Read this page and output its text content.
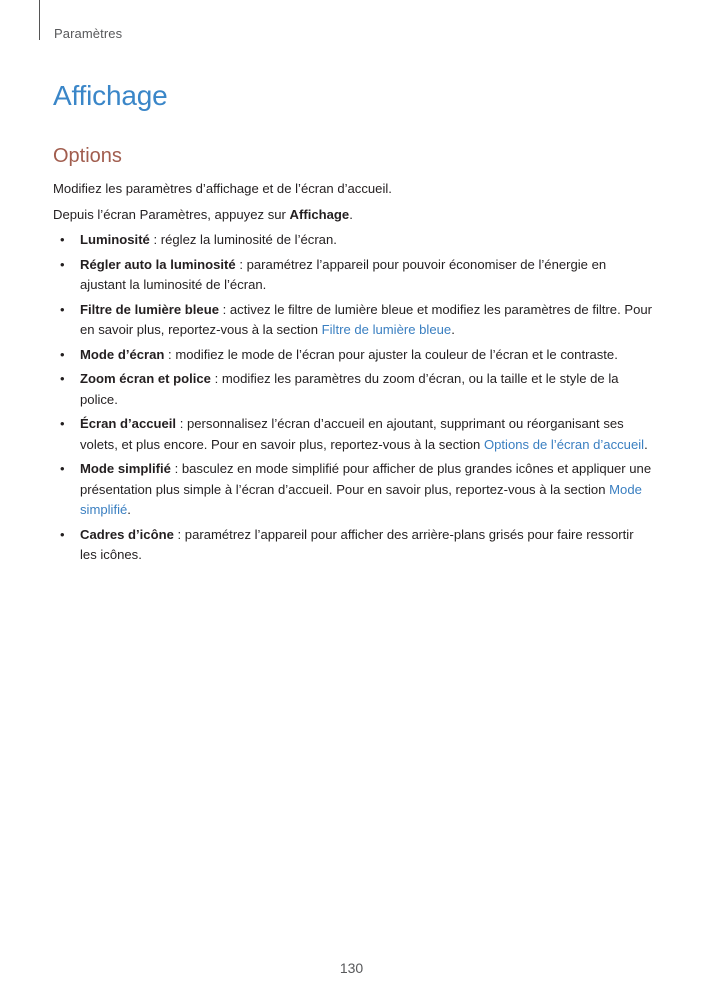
Paramètres
Affichage
Options

Modifiez les paramètres d’affichage et de l’écran d’accueil.

Depuis l’écran Paramètres, appuyez sur Affichage.

• Luminosité : réglez la luminosité de l’écran.
• Régler auto la luminosité : paramétrez l’appareil pour pouvoir économiser de l’énergie en ajustant la luminosité de l’écran.
• Filtre de lumière bleue : activez le filtre de lumière bleue et modifiez les paramètres de filtre. Pour en savoir plus, reportez-vous à la section Filtre de lumière bleue.
• Mode d’écran : modifiez le mode de l’écran pour ajuster la couleur de l’écran et le contraste.
• Zoom écran et police : modifiez les paramètres du zoom d’écran, ou la taille et le style de la police.
• Écran d’accueil : personnalisez l’écran d’accueil en ajoutant, supprimant ou réorganisant ses volets, et plus encore. Pour en savoir plus, reportez-vous à la section Options de l’écran d’accueil.
• Mode simplifié : basculez en mode simplifié pour afficher de plus grandes icônes et appliquer une présentation plus simple à l’écran d’accueil. Pour en savoir plus, reportez-vous à la section Mode simplifié.
• Cadres d’icône : paramétrez l’appareil pour afficher des arrière-plans grisés pour faire ressortir les icônes.
130
